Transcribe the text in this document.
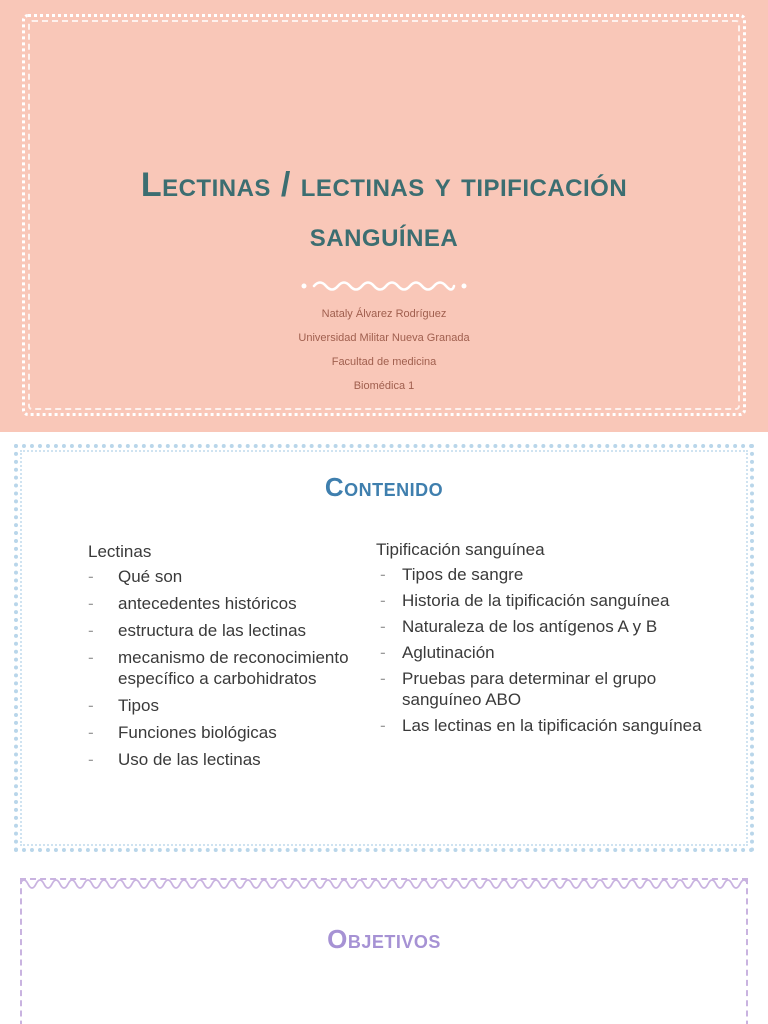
Lectinas / lectinas y tipificación
sanguínea
Nataly Álvarez Rodríguez
Universidad Militar Nueva Granada
Facultad de medicina
Biomédica 1
Contenido
Lectinas
- Qué son
- antecedentes históricos
- estructura de las lectinas
- mecanismo de reconocimiento específico a carbohidratos
- Tipos
- Funciones biológicas
- Uso de las lectinas
Tipificación sanguínea
- Tipos de sangre
- Historia de la tipificación sanguínea
- Naturaleza de los antígenos A y B
- Aglutinación
- Pruebas para determinar el grupo sanguíneo ABO
- Las lectinas en la tipificación sanguínea
Objetivos
